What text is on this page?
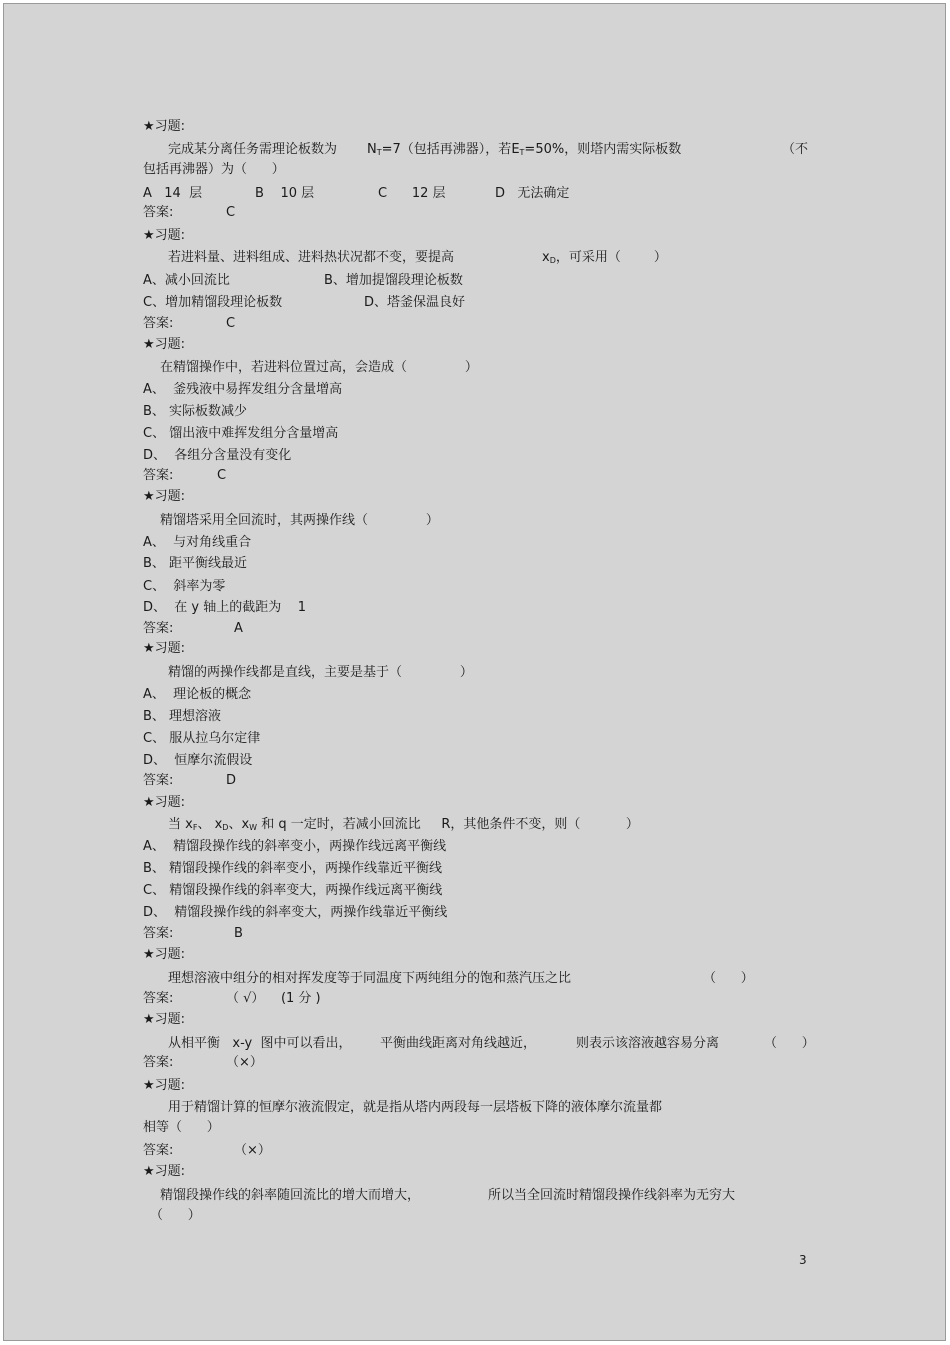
★习题:
完成某分离任务需理论板数为 $N_T=7$（包括再沸器），若$E_T=50\%$，则塔内需实际板数	（不
包括再沸器）为（      ）
A   14  层	B    10 层	C      12 层	D   无法确定
答案:	C
★习题:
若进料量、进料组成、进料热状况都不变，要提高	$x_D$，可采用（        ）
A、减小回流比	B、增加提馏段理论板数
C、增加精馏段理论板数	D、塔釜保温良好
答案:	C
★习题:
在精馏操作中，若进料位置过高，会造成（              ）
A、  釜残液中易挥发组分含量增高
B、 实际板数减少
C、 馏出液中难挥发组分含量增高
D、  各组分含量没有变化
答案:	C
★习题:
精馏塔采用全回流时，其两操作线（              ）
A、  与对角线重合
B、 距平衡线最近
C、  斜率为零
D、  在 y 轴上的截距为    1
答案:	A
★习题:
精馏的两操作线都是直线，主要是基于（              ）
A、  理论板的概念
B、 理想溶液
C、 服从拉乌尔定律
D、  恒摩尔流假设
答案:	D
★习题:
当 $x_F$、 $x_D$、$x_W$ 和 q 一定时，若减小回流比     R，其他条件不变，则（           ）
A、  精馏段操作线的斜率变小，两操作线远离平衡线
B、 精馏段操作线的斜率变小，两操作线靠近平衡线
C、 精馏段操作线的斜率变大，两操作线远离平衡线
D、  精馏段操作线的斜率变大，两操作线靠近平衡线
答案:	B
★习题:
理想溶液中组分的相对挥发度等于同温度下两纯组分的饱和蒸汽压之比	（      ）
答案:	（ √）    (1 分 )
★习题:
从相平衡   x-y  图中可以看出， 平衡曲线距离对角线越近，	则表示该溶液越容易分离	（      ）
答案:	（×）
★习题:
用于精馏计算的恒摩尔液流假定，就是指从塔内两段每一层塔板下降的液体摩尔流量都
相等（      ）
答案:	（×）
★习题:
精馏段操作线的斜率随回流比的增大而增大，	所以当全回流时精馏段操作线斜率为无穷大
（      ）
3
